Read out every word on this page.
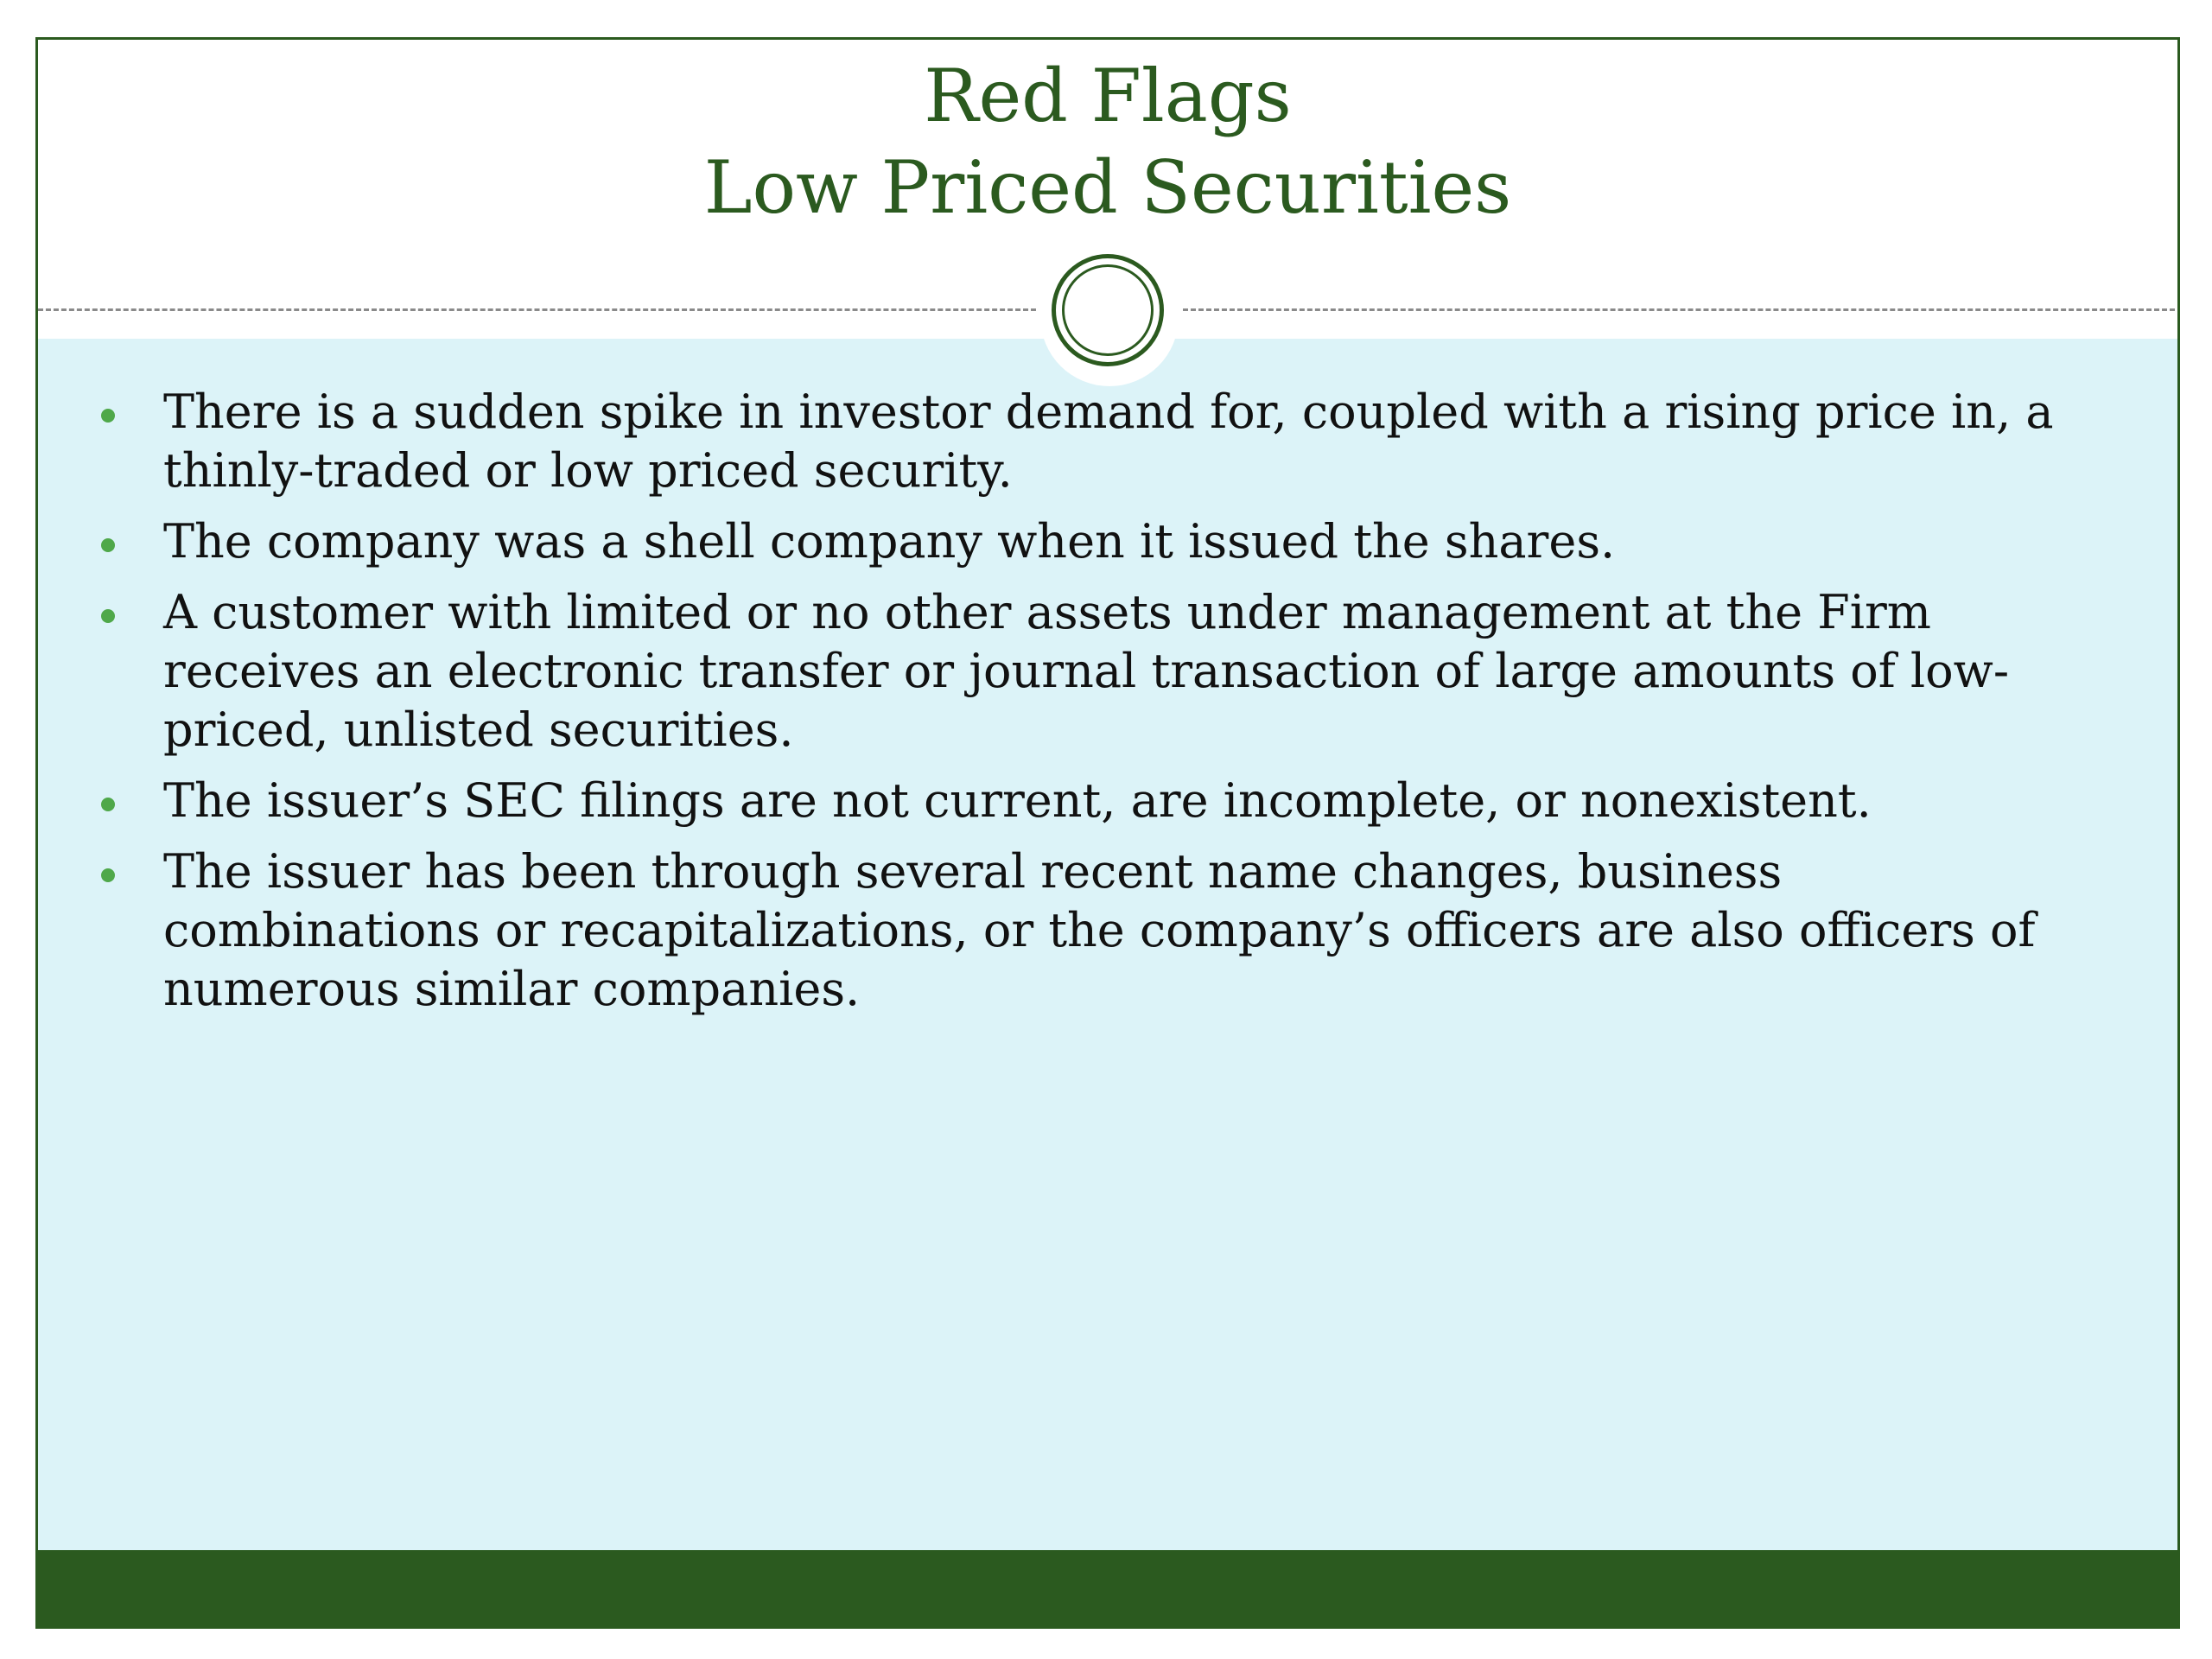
Red Flags

Low Priced Securities

There is a sudden spike in investor demand for, coupled with a rising price in, a thinly-traded or low priced security.
The company was a shell company when it issued the shares.
A customer with limited or no other assets under management at the Firm receives an electronic transfer or journal transaction of large amounts of low-priced, unlisted securities.
The issuer’s SEC filings are not current, are incomplete, or nonexistent.
The issuer has been through several recent name changes, business combinations or recapitalizations, or the company’s officers are also officers of numerous similar companies.
